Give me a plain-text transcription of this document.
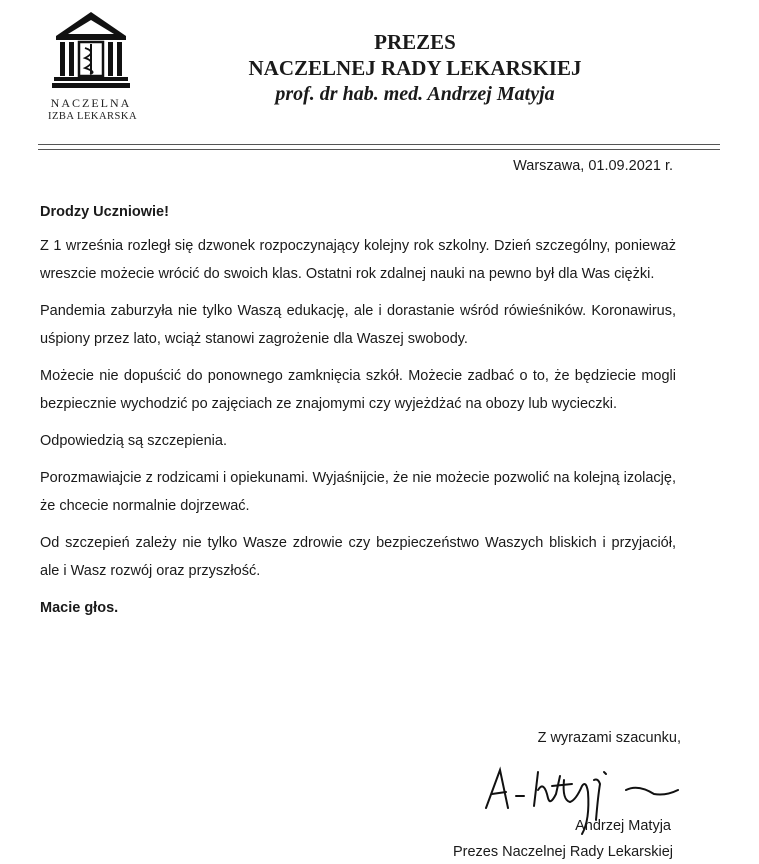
NACZELNA
IZBA LEKARSKA
PREZES
NACZELNEJ RADY LEKARSKIEJ
prof. dr hab. med. Andrzej Matyja
Warszawa, 01.09.2021 r.

Drodzy Uczniowie!

Z 1 września rozległ się dzwonek rozpoczynający kolejny rok szkolny. Dzień szczególny, ponieważ wreszcie możecie wrócić do swoich klas. Ostatni rok zdalnej nauki na pewno był dla Was ciężki.

Pandemia zaburzyła nie tylko Waszą edukację, ale i dorastanie wśród rówieśników. Koronawirus, uśpiony przez lato, wciąż stanowi zagrożenie dla Waszej swobody.

Możecie nie dopuścić do ponownego zamknięcia szkół. Możecie zadbać o to, że będziecie mogli bezpiecznie wychodzić po zajęciach ze znajomymi czy wyjeżdżać na obozy lub wycieczki.

Odpowiedzią są szczepienia.

Porozmawiajcie z rodzicami i opiekunami. Wyjaśnijcie, że nie możecie pozwolić na kolejną izolację, że chcecie normalnie dojrzewać.

Od szczepień zależy nie tylko Wasze zdrowie czy bezpieczeństwo Waszych bliskich i przyjaciół, ale i Wasz rozwój oraz przyszłość.

Macie głos.

Z wyrazami szacunku,
Andrzej Matyja
Prezes Naczelnej Rady Lekarskiej
